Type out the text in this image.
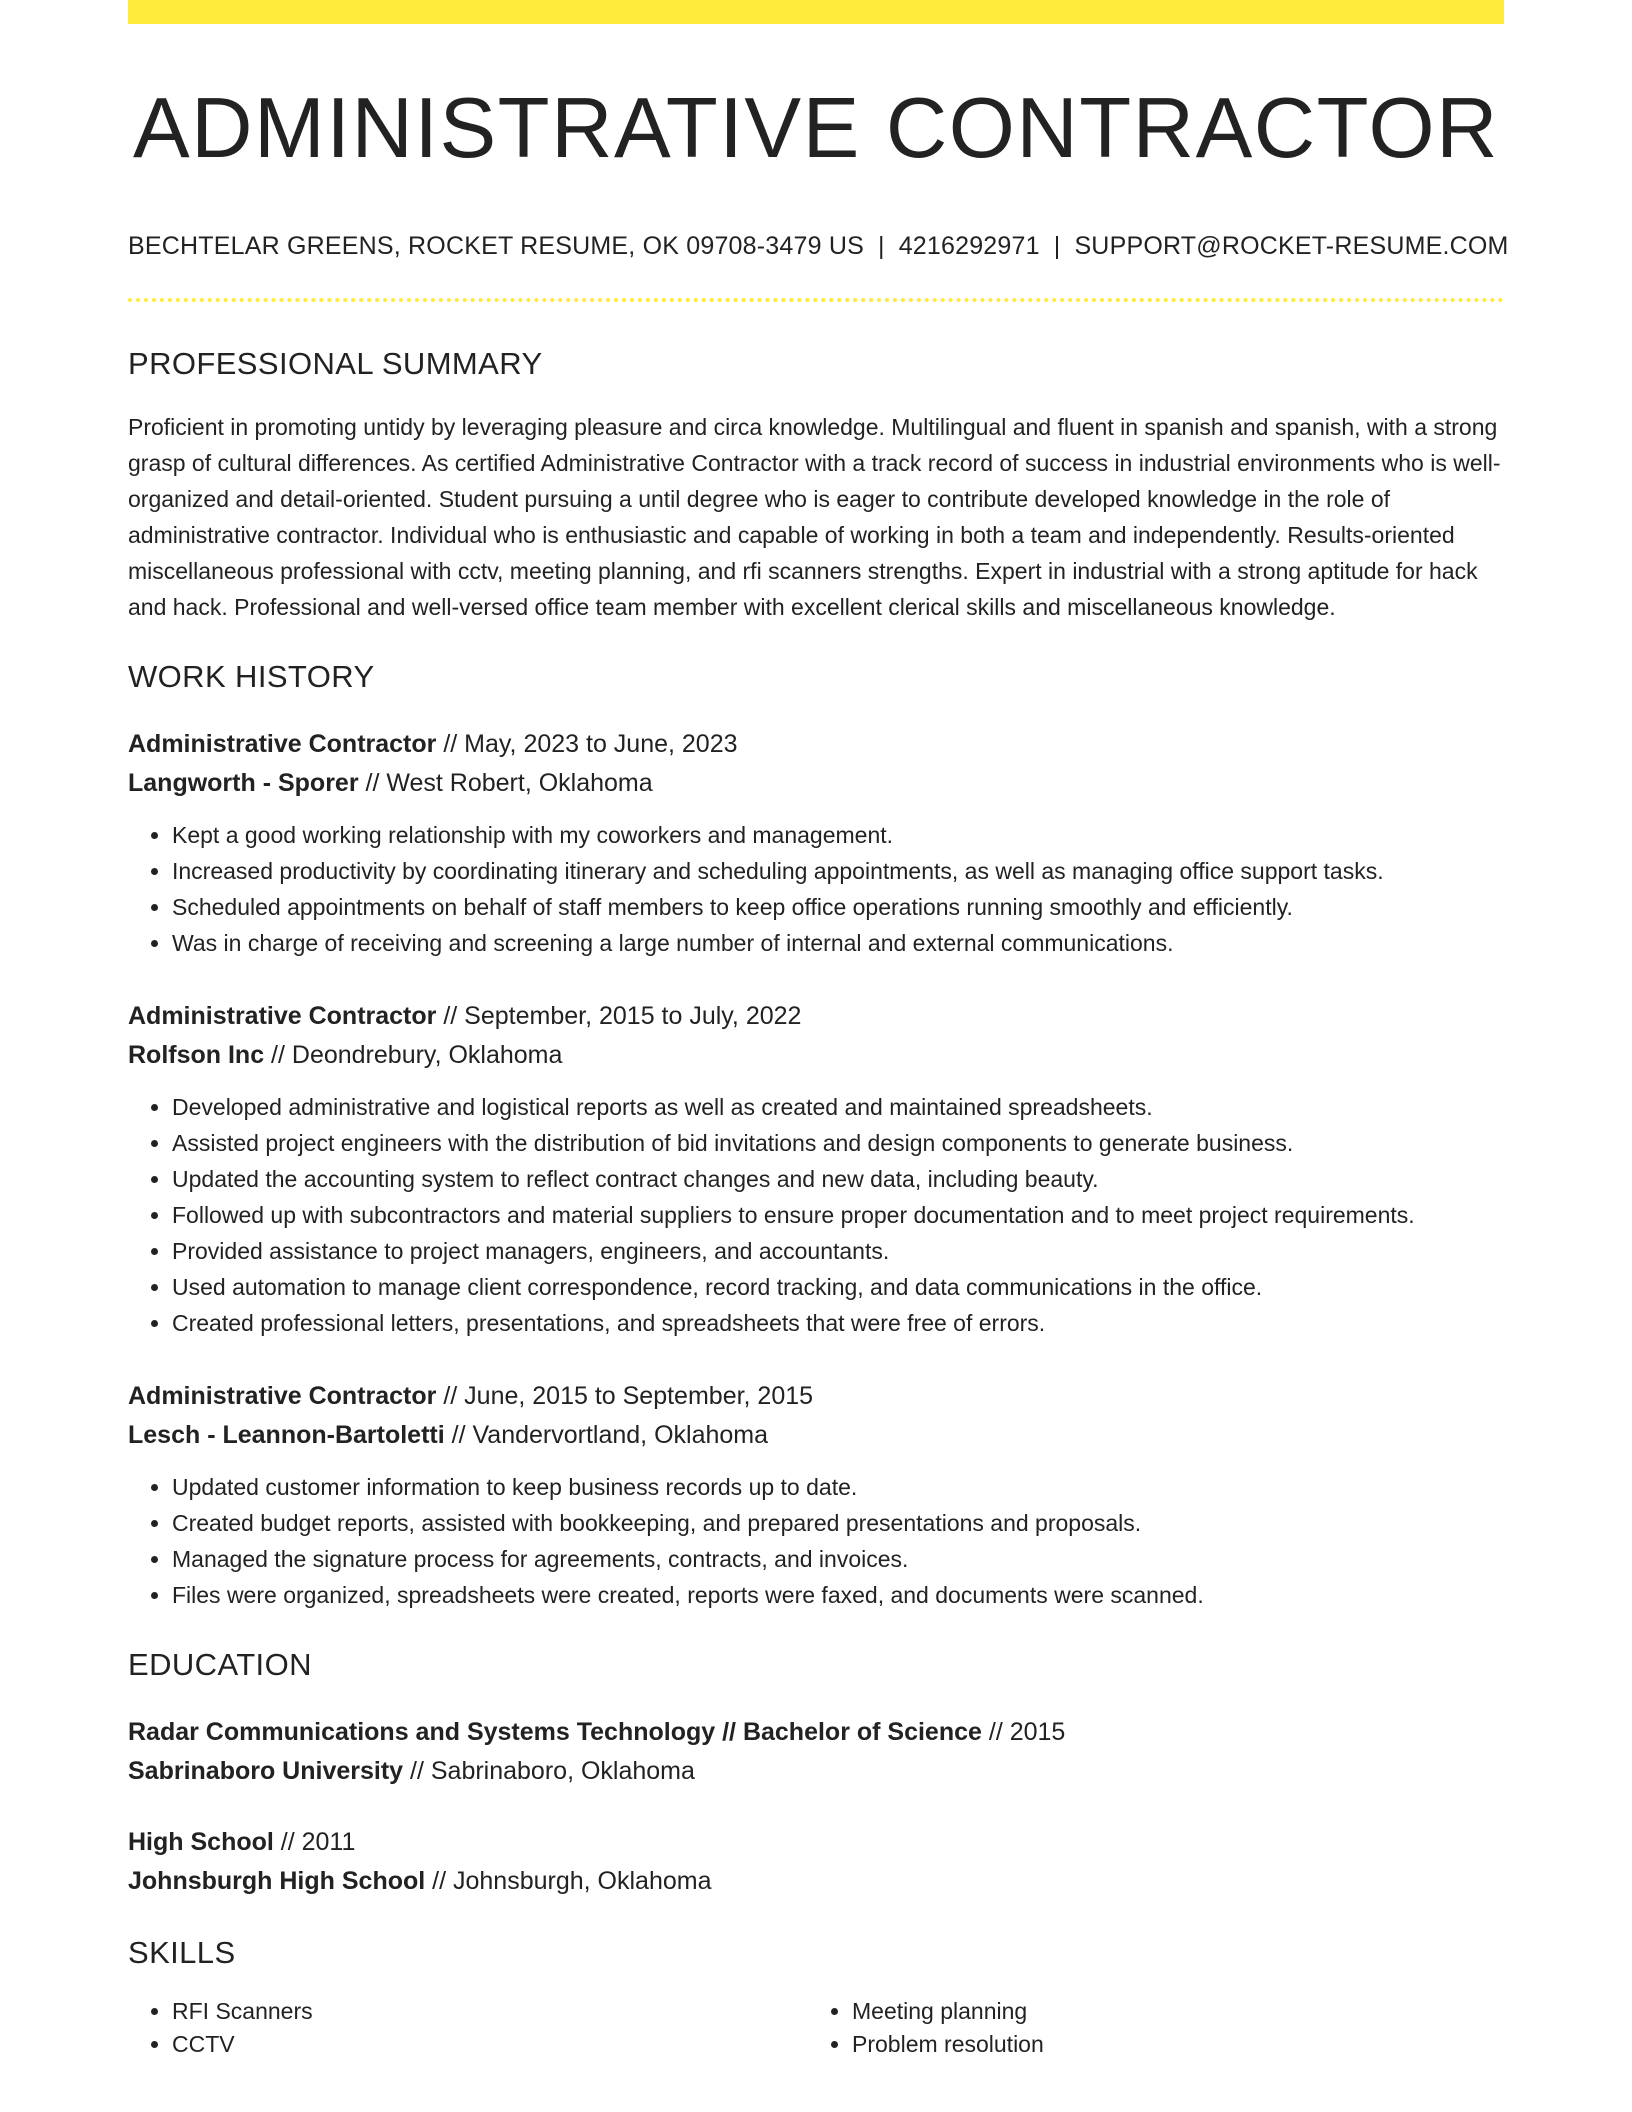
ADMINISTRATIVE CONTRACTOR
BECHTELAR GREENS, ROCKET RESUME, OK 09708-3479 US | 4216292971 | SUPPORT@ROCKET-RESUME.COM
PROFESSIONAL SUMMARY
Proficient in promoting untidy by leveraging pleasure and circa knowledge. Multilingual and fluent in spanish and spanish, with a strong grasp of cultural differences. As certified Administrative Contractor with a track record of success in industrial environments who is well-organized and detail-oriented. Student pursuing a until degree who is eager to contribute developed knowledge in the role of administrative contractor. Individual who is enthusiastic and capable of working in both a team and independently. Results-oriented miscellaneous professional with cctv, meeting planning, and rfi scanners strengths. Expert in industrial with a strong aptitude for hack and hack. Professional and well-versed office team member with excellent clerical skills and miscellaneous knowledge.
WORK HISTORY
Administrative Contractor // May, 2023 to June, 2023
Langworth - Sporer // West Robert, Oklahoma
• Kept a good working relationship with my coworkers and management.
• Increased productivity by coordinating itinerary and scheduling appointments, as well as managing office support tasks.
• Scheduled appointments on behalf of staff members to keep office operations running smoothly and efficiently.
• Was in charge of receiving and screening a large number of internal and external communications.
Administrative Contractor // September, 2015 to July, 2022
Rolfson Inc // Deondrebury, Oklahoma
• Developed administrative and logistical reports as well as created and maintained spreadsheets.
• Assisted project engineers with the distribution of bid invitations and design components to generate business.
• Updated the accounting system to reflect contract changes and new data, including beauty.
• Followed up with subcontractors and material suppliers to ensure proper documentation and to meet project requirements.
• Provided assistance to project managers, engineers, and accountants.
• Used automation to manage client correspondence, record tracking, and data communications in the office.
• Created professional letters, presentations, and spreadsheets that were free of errors.
Administrative Contractor // June, 2015 to September, 2015
Lesch - Leannon-Bartoletti // Vandervortland, Oklahoma
• Updated customer information to keep business records up to date.
• Created budget reports, assisted with bookkeeping, and prepared presentations and proposals.
• Managed the signature process for agreements, contracts, and invoices.
• Files were organized, spreadsheets were created, reports were faxed, and documents were scanned.
EDUCATION
Radar Communications and Systems Technology // Bachelor of Science // 2015
Sabrinaboro University // Sabrinaboro, Oklahoma
High School // 2011
Johnsburgh High School // Johnsburgh, Oklahoma
SKILLS
• RFI Scanners
• CCTV
• Meeting planning
• Problem resolution
